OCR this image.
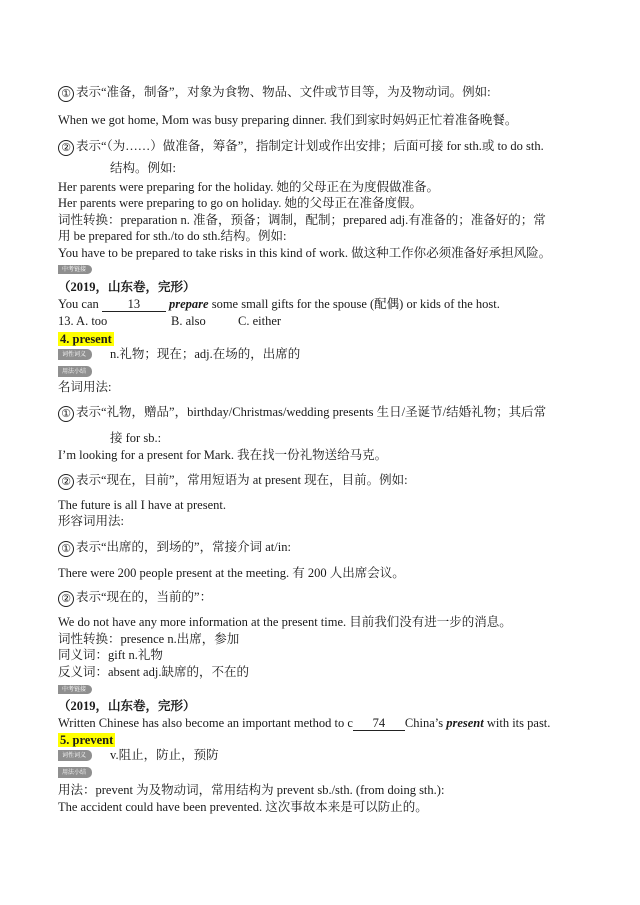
① 表示“准备，制备”，对象为食物、物品、文件或节目等，为及物动词。例如:
When we got home, Mom was busy preparing dinner. 我们到家时妈妈正忙着准备晚餐。
② 表示“（为……）做准备，筹备”，指制定计划或作出安排；后面可接 for sth.或 to do sth.
结构。例如:
Her parents were preparing for the holiday. 她的父母正在为度假做准备。
Her parents were preparing to go on holiday. 她的父母正在准备度假。
词性转换：preparation n. 准备，预备；调制，配制；prepared adj.有准备的；准备好的；常
用 be prepared for sth./to do sth.结构。例如:
You have to be prepared to take risks in this kind of work. 做这种工作你必须准备好承担风险。
中考链接
（2019，山东卷，完形）
You can 13 prepare some small gifts for the spouse (配偶) or kids of the host.
13. A. too	B. also	C. either
4. present
词性词义	n.礼物；现在；adj.在场的，出席的
用法小结
名词用法:
① 表示“礼物，赠品”，birthday/Christmas/wedding presents 生日/圣诞节/结婚礼物；其后常
接 for sb.:
I’m looking for a present for Mark. 我在找一份礼物送给马克。
② 表示“现在，目前”，常用短语为 at present 现在，目前。例如:
The future is all I have at present.
形容词用法:
① 表示“出席的，到场的”，常接介词 at/in:
There were 200 people present at the meeting. 有 200 人出席会议。
② 表示“现在的，当前的”：
We do not have any more information at the present time. 目前我们没有进一步的消息。
词性转换：presence n.出席，参加
同义词：gift n.礼物
反义词：absent adj.缺席的，不在的
中考链接
（2019，山东卷，完形）
Written Chinese has also become an important method to c 74 China’s present with its past.
5. prevent
词性词义	v.阻止，防止，预防
用法小结
用法：prevent 为及物动词，常用结构为 prevent sb./sth. (from doing sth.):
The accident could have been prevented. 这次事故本来是可以防止的。
